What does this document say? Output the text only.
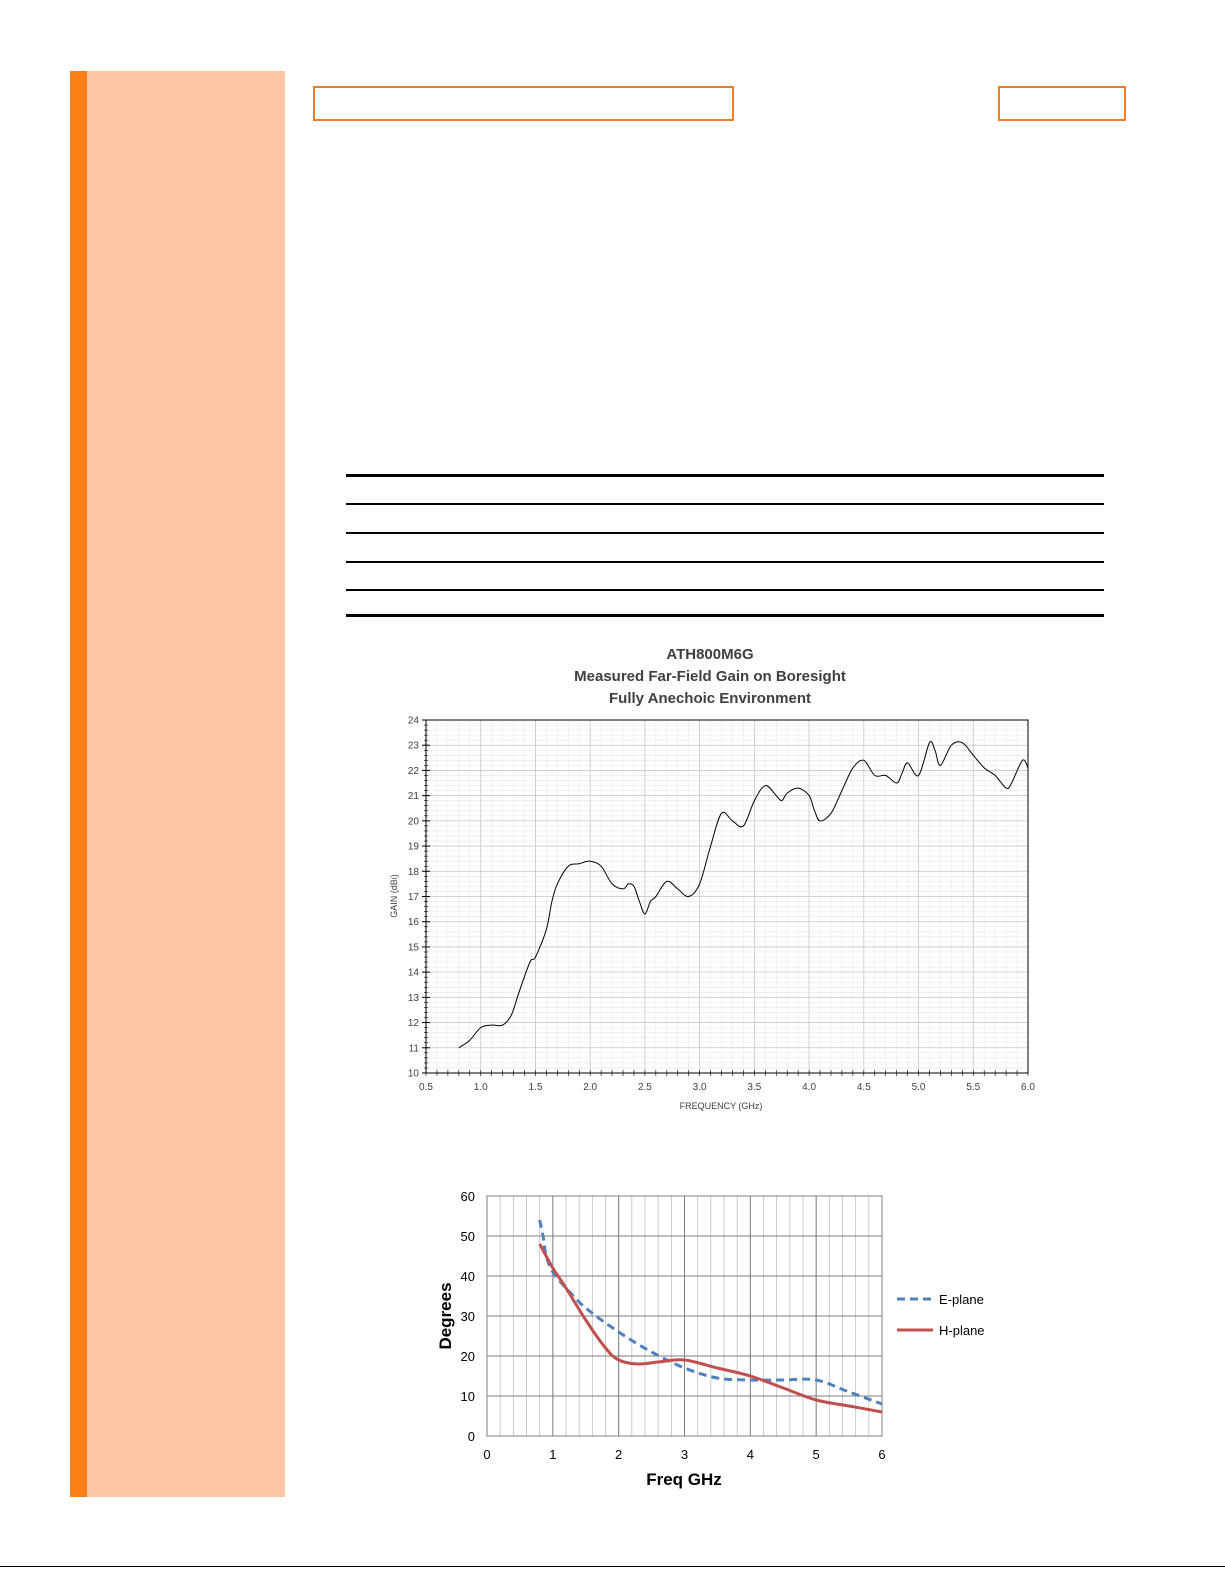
ATH800M6G
Measured Far-Field Gain on Boresight
Fully Anechoic Environment
0.5	1.0	1.5	2.0	2.5	3.0	3.5	4.0	4.5	5.0	5.5	6.0
10
11
12
13
14
15
16
17
18
19
20
21
22
23
24
FREQUENCY (GHz)
GAIN (dBi)
0	1	2	3	4	5	6
0
10
20
30
40
50
60
E-plane
H-plane
Freq GHz
Degrees
